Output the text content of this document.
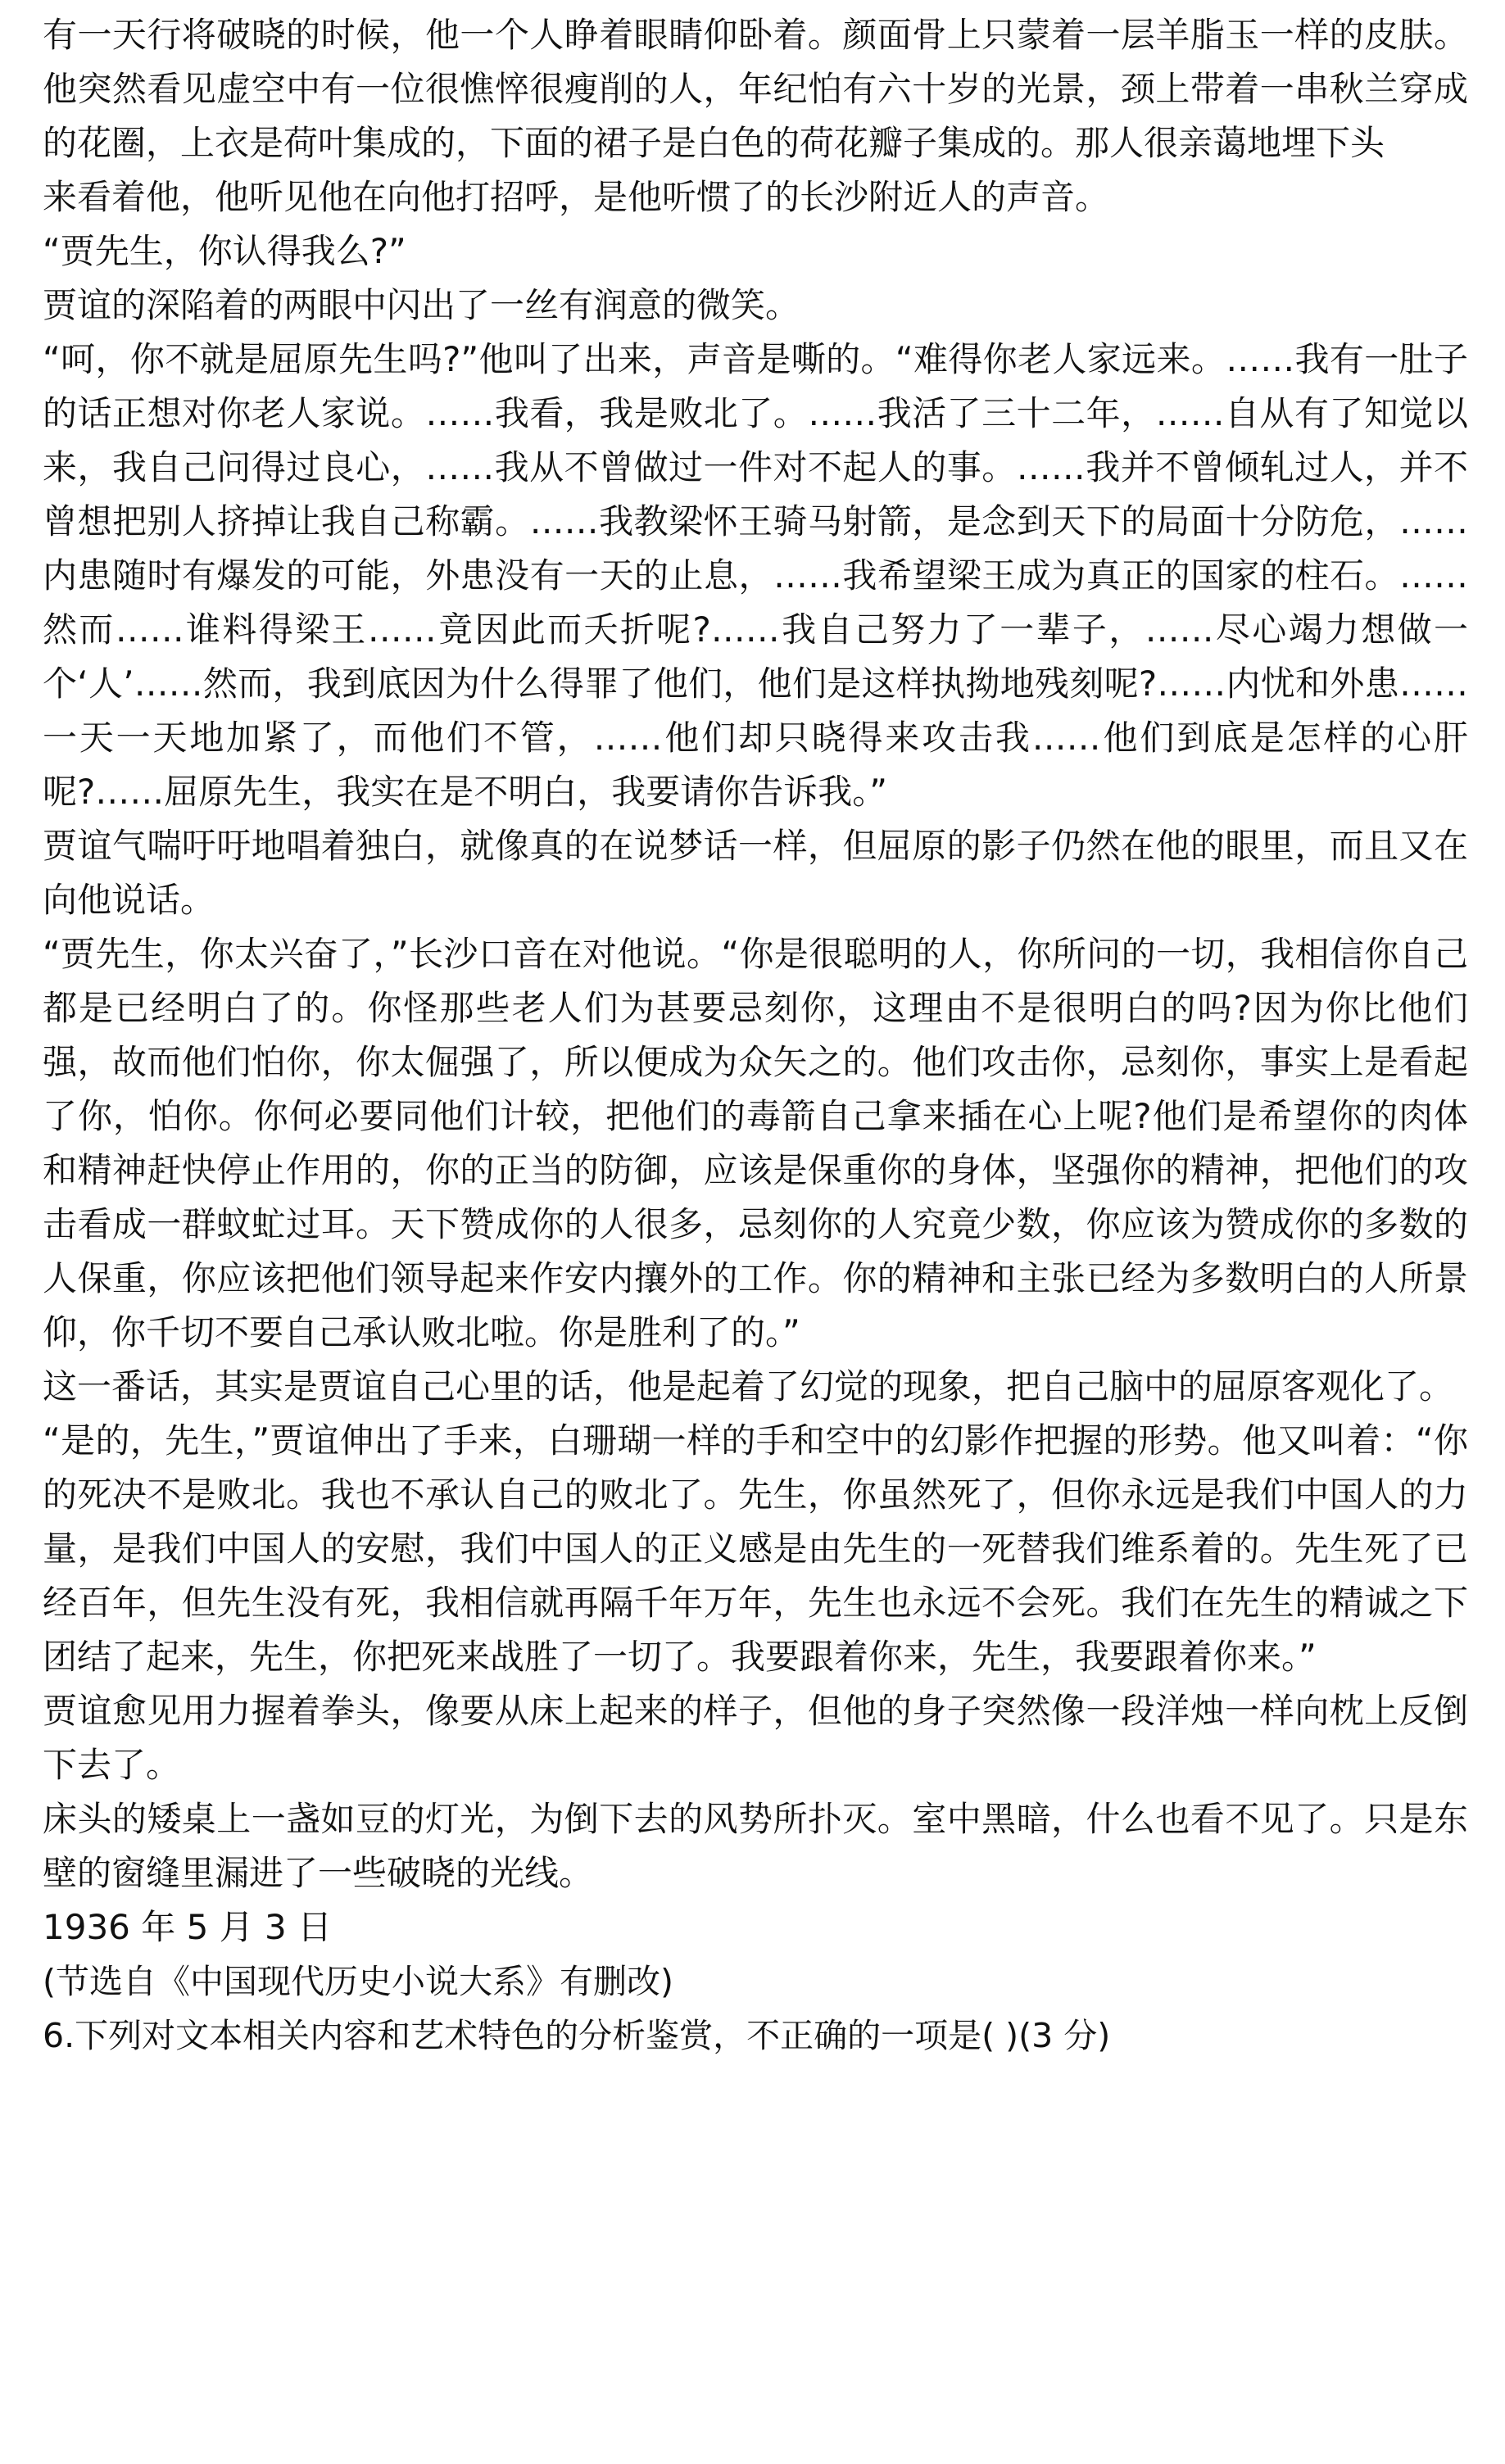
有一天行将破晓的时候，他一个人睁着眼睛仰卧着。颜面骨上只蒙着一层羊脂玉一样的皮肤。他突然看见虚空中有一位很憔悴很瘦削的人，年纪怕有六十岁的光景，颈上带着一串秋兰穿成的花圈，上衣是荷叶集成的，下面的裙子是白色的荷花瓣子集成的。那人很亲蔼地埋下头

来看着他，他听见他在向他打招呼，是他听惯了的长沙附近人的声音。

“贾先生，你认得我么?”

贾谊的深陷着的两眼中闪出了一丝有润意的微笑。

“呵，你不就是屈原先生吗?”他叫了出来，声音是嘶的。“难得你老人家远来。……我有一肚子的话正想对你老人家说。……我看，我是败北了。……我活了三十二年，……自从有了知觉以来，我自己问得过良心，……我从不曾做过一件对不起人的事。……我并不曾倾轧过人，并不曾想把别人挤掉让我自己称霸。……我教梁怀王骑马射箭，是念到天下的局面十分防危，……内患随时有爆发的可能，外患没有一天的止息，……我希望梁王成为真正的国家的柱石。……然而……谁料得梁王……竟因此而夭折呢?……我自己努力了一辈子，……尽心竭力想做一个‘人’……然而，我到底因为什么得罪了他们，他们是这样执拗地残刻呢?……内忧和外患……一天一天地加紧了，而他们不管，……他们却只晓得来攻击我……他们到底是怎样的心肝呢?……屈原先生，我实在是不明白，我要请你告诉我。”

贾谊气喘吁吁地唱着独白，就像真的在说梦话一样，但屈原的影子仍然在他的眼里，而且又在向他说话。

“贾先生，你太兴奋了，”长沙口音在对他说。“你是很聪明的人，你所问的一切，我相信你自己都是已经明白了的。你怪那些老人们为甚要忌刻你，这理由不是很明白的吗?因为你比他们强，故而他们怕你，你太倔强了，所以便成为众矢之的。他们攻击你，忌刻你，事实上是看起了你，怕你。你何必要同他们计较，把他们的毒箭自己拿来插在心上呢?他们是希望你的肉体和精神赶快停止作用的，你的正当的防御，应该是保重你的身体，坚强你的精神，把他们的攻击看成一群蚊虻过耳。天下赞成你的人很多，忌刻你的人究竟少数，你应该为赞成你的多数的人保重，你应该把他们领导起来作安内攘外的工作。你的精神和主张已经为多数明白的人所景仰，你千切不要自己承认败北啦。你是胜利了的。”

这一番话，其实是贾谊自己心里的话，他是起着了幻觉的现象，把自己脑中的屈原客观化了。

“是的，先生，”贾谊伸出了手来，白珊瑚一样的手和空中的幻影作把握的形势。他又叫着：“你的死决不是败北。我也不承认自己的败北了。先生，你虽然死了，但你永远是我们中国人的力量，是我们中国人的安慰，我们中国人的正义感是由先生的一死替我们维系着的。先生死了已经百年，但先生没有死，我相信就再隔千年万年，先生也永远不会死。我们在先生的精诚之下团结了起来，先生，你把死来战胜了一切了。我要跟着你来，先生，我要跟着你来。”

贾谊愈见用力握着拳头，像要从床上起来的样子，但他的身子突然像一段洋烛一样向枕上反倒下去了。

床头的矮桌上一盏如豆的灯光，为倒下去的风势所扑灭。室中黑暗，什么也看不见了。只是东壁的窗缝里漏进了一些破晓的光线。

1936 年 5 月 3 日

(节选自《中国现代历史小说大系》有删改)

6.下列对文本相关内容和艺术特色的分析鉴赏，不正确的一项是( )(3 分)
